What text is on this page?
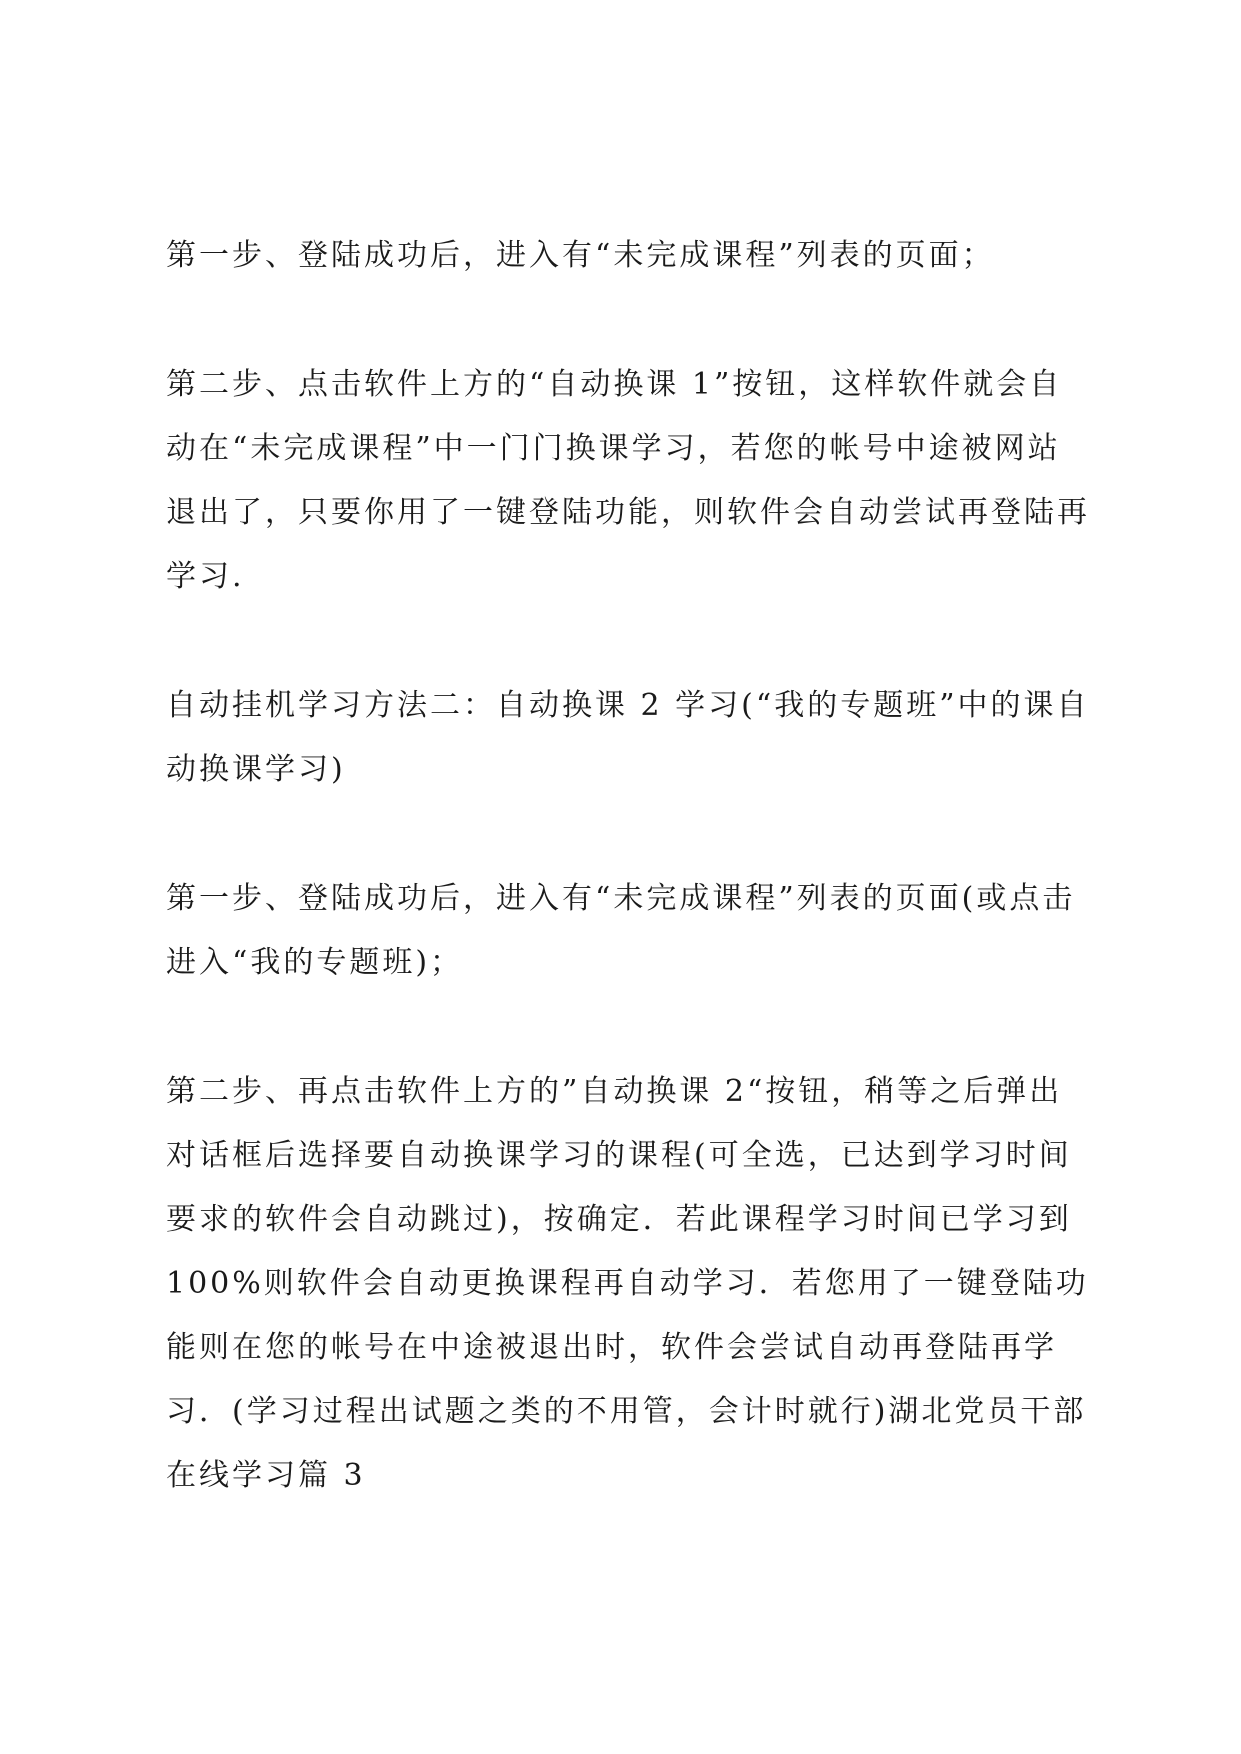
第一步、登陆成功后，进入有“未完成课程”列表的页面；

第二步、点击软件上方的“自动换课 1”按钮，这样软件就会自动在“未完成课程”中一门门换课学习，若您的帐号中途被网站退出了，只要你用了一键登陆功能，则软件会自动尝试再登陆再学习.

自动挂机学习方法二：自动换课 2 学习(“我的专题班”中的课自动换课学习)

第一步、登陆成功后，进入有“未完成课程”列表的页面(或点击进入“我的专题班)；

第二步、再点击软件上方的”自动换课 2“按钮，稍等之后弹出对话框后选择要自动换课学习的课程(可全选，已达到学习时间要求的软件会自动跳过)，按确定．若此课程学习时间已学习到 100%则软件会自动更换课程再自动学习．若您用了一键登陆功能则在您的帐号在中途被退出时，软件会尝试自动再登陆再学习．(学习过程出试题之类的不用管，会计时就行)湖北党员干部在线学习篇 3
